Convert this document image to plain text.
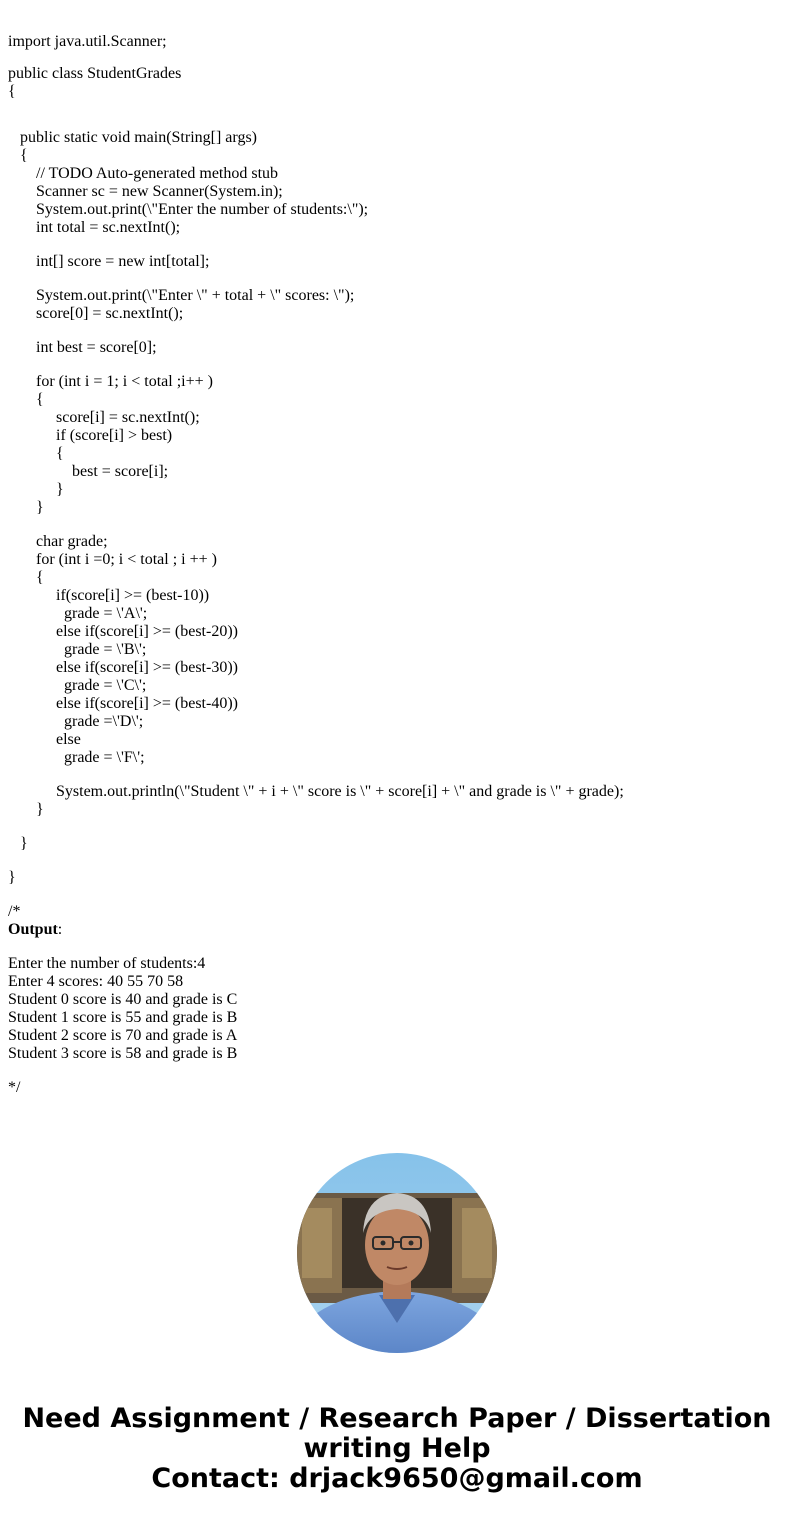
import java.util.Scanner;
public class StudentGrades
{
public static void main(String[] args)
{
// TODO Auto-generated method stub
Scanner sc = new Scanner(System.in);
System.out.print(\"Enter the number of students:\");
int total = sc.nextInt();
int[] score = new int[total];
System.out.print(\"Enter \" + total + \" scores: \");
score[0] = sc.nextInt();
int best = score[0];
for (int i = 1; i < total ;i++ )
{
score[i] = sc.nextInt();
if (score[i] > best)
{
best = score[i];
}
}
char grade;
for (int i =0; i < total ; i ++ )
{
if(score[i] >= (best-10))
grade = \'A\';
else if(score[i] >= (best-20))
grade = \'B\';
else if(score[i] >= (best-30))
grade = \'C\';
else if(score[i] >= (best-40))
grade =\'D\';
else
grade = \'F\';
System.out.println(\"Student \" + i + \" score is \" + score[i] + \" and grade is \" + grade);
}
}
}
/*
Output:
Enter the number of students:4
Enter 4 scores: 40 55 70 58
Student 0 score is 40 and grade is C
Student 1 score is 55 and grade is B
Student 2 score is 70 and grade is A
Student 3 score is 58 and grade is B
*/
Need Assignment / Research Paper / Dissertation
writing Help
Contact: drjack9650@gmail.com
